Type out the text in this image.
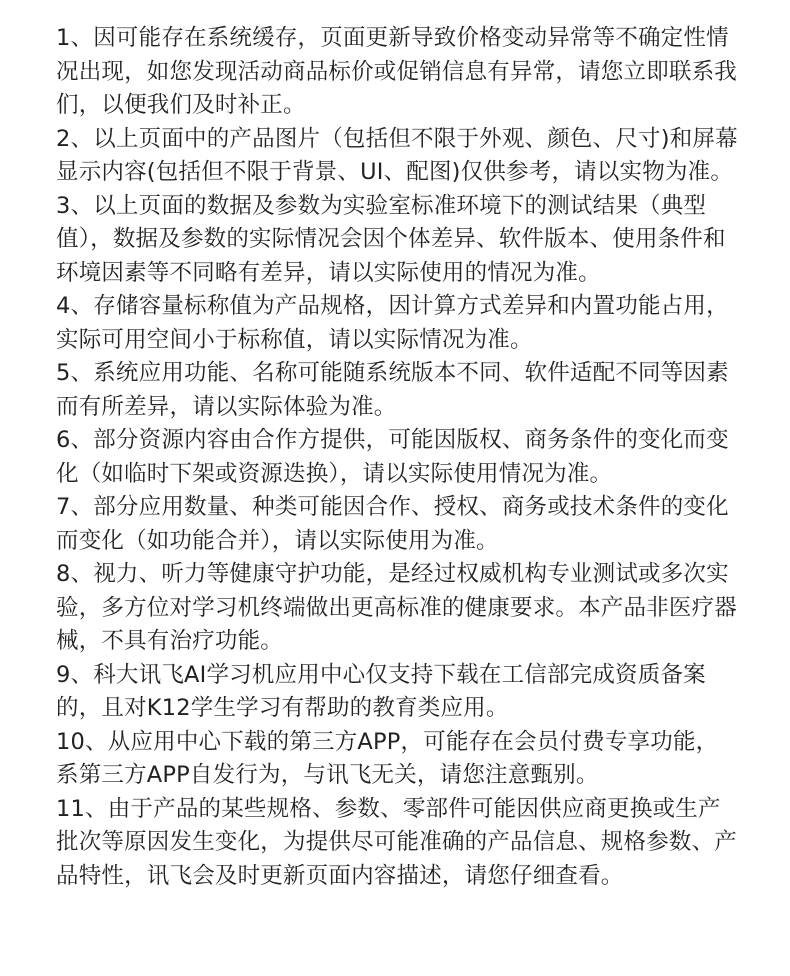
1、因可能存在系统缓存，页面更新导致价格变动异常等不确定性情况出现，如您发现活动商品标价或促销信息有异常，请您立即联系我们，以便我们及时补正。

2、以上页面中的产品图片（包括但不限于外观、颜色、尺寸)和屏幕显示内容(包括但不限于背景、UI、配图)仅供参考，请以实物为准。

3、以上页面的数据及参数为实验室标准环境下的测试结果（典型值），数据及参数的实际情况会因个体差异、软件版本、使用条件和环境因素等不同略有差异，请以实际使用的情况为准。

4、存储容量标称值为产品规格，因计算方式差异和内置功能占用，实际可用空间小于标称值，请以实际情况为准。

5、系统应用功能、名称可能随系统版本不同、软件适配不同等因素而有所差异，请以实际体验为准。

6、部分资源内容由合作方提供，可能因版权、商务条件的变化而变化（如临时下架或资源迭换），请以实际使用情况为准。

7、部分应用数量、种类可能因合作、授权、商务或技术条件的变化而变化（如功能合并），请以实际使用为准。

8、视力、听力等健康守护功能，是经过权威机构专业测试或多次实验，多方位对学习机终端做出更高标准的健康要求。本产品非医疗器械，不具有治疗功能。

9、科大讯飞AI学习机应用中心仅支持下载在工信部完成资质备案的，且对K12学生学习有帮助的教育类应用。

10、从应用中心下载的第三方APP，可能存在会员付费专享功能，系第三方APP自发行为，与讯飞无关，请您注意甄别。

11、由于产品的某些规格、参数、零部件可能因供应商更换或生产批次等原因发生变化，为提供尽可能准确的产品信息、规格参数、产品特性，讯飞会及时更新页面内容描述，请您仔细查看。
